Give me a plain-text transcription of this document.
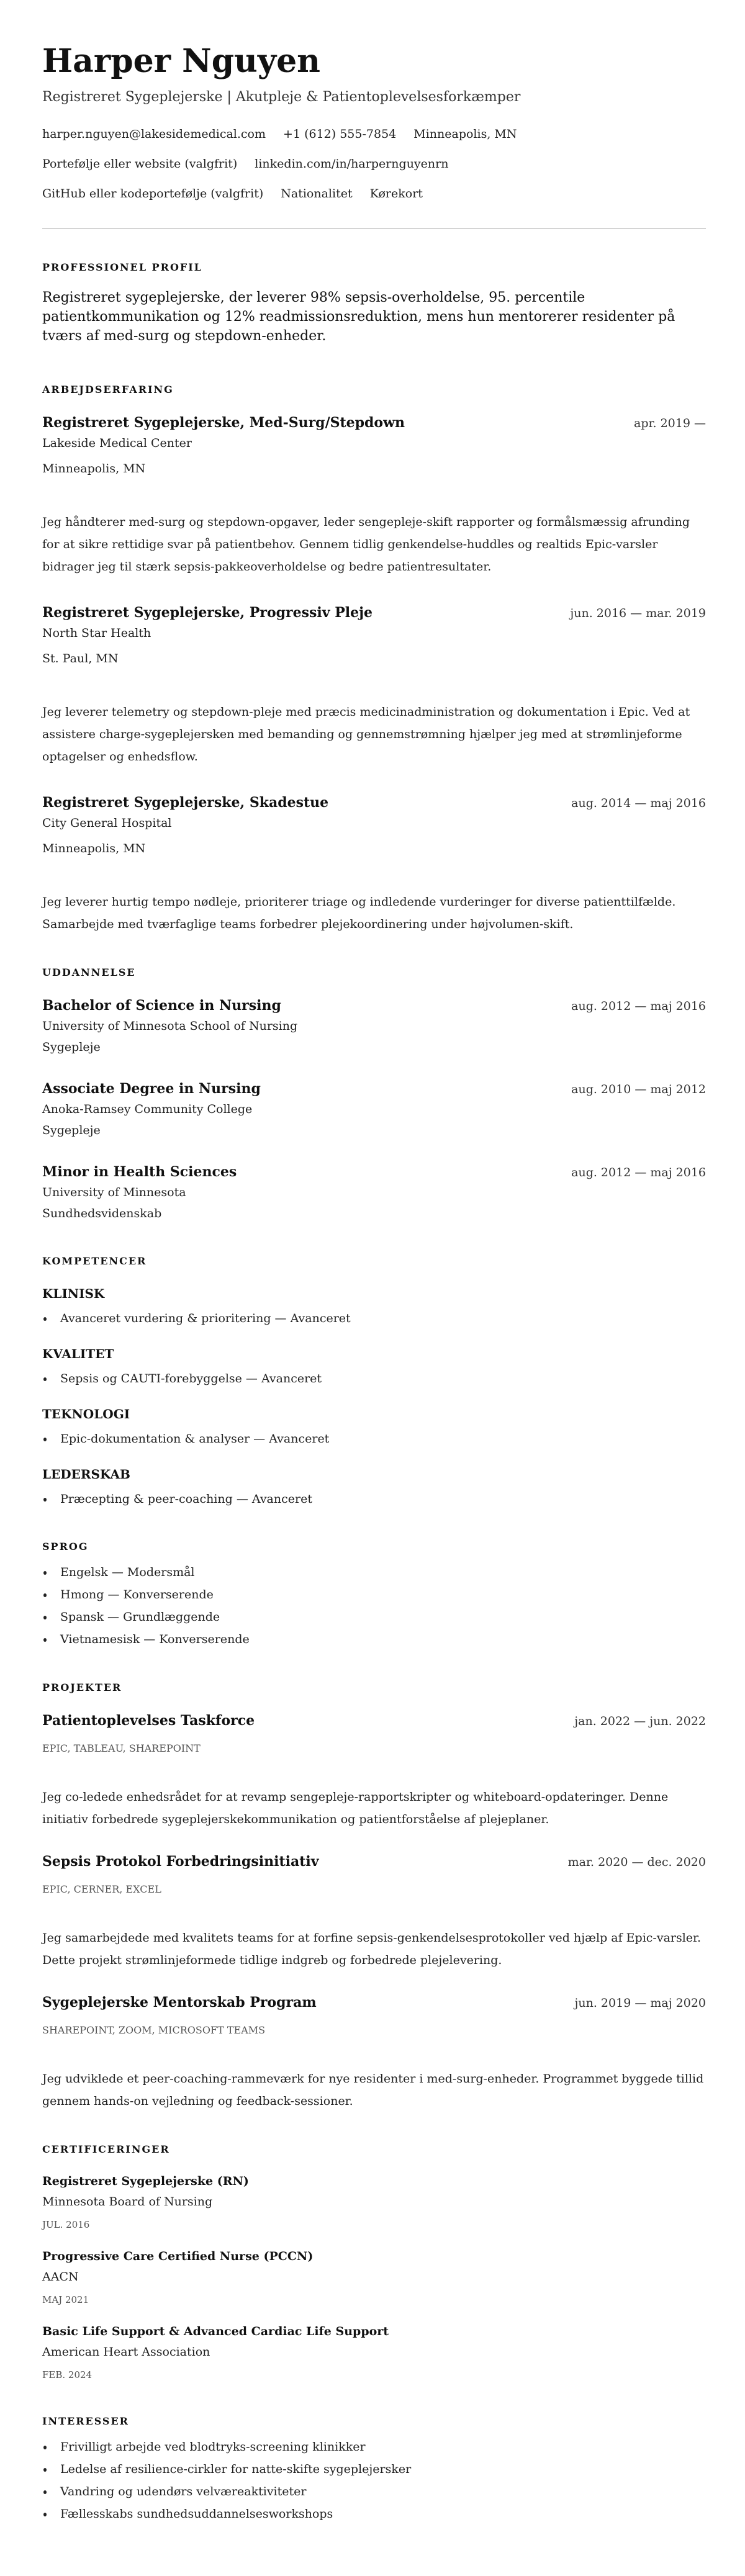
Harper Nguyen
Registreret Sygeplejerske | Akutpleje & Patientoplevelsesforkæmper
harper.nguyen@lakesidemedical.com +1 (612) 555-7854 Minneapolis, MN
Portefølje eller website (valgfrit) linkedin.com/in/harpernguyenrn
GitHub eller kodeportefølje (valgfrit) Nationalitet Kørekort
PROFESSIONEL PROFIL

Registreret sygeplejerske, der leverer 98% sepsis-overholdelse, 95. percentile patientkommunikation og 12% readmissionsreduktion, mens hun mentorerer residenter på tværs af med-surg og stepdown-enheder.

ARBEJDSERFARING
Registreret Sygeplejerske, Med-Surg/Stepdown	apr. 2019 —
Lakeside Medical Center
Minneapolis, MN
Jeg håndterer med-surg og stepdown-opgaver, leder sengepleje-skift rapporter og formålsmæssig afrunding for at sikre rettidige svar på patientbehov. Gennem tidlig genkendelse-huddles og realtids Epic-varsler bidrager jeg til stærk sepsis-pakkeoverholdelse og bedre patientresultater.
Registreret Sygeplejerske, Progressiv Pleje	jun. 2016 — mar. 2019
North Star Health
St. Paul, MN
Jeg leverer telemetry og stepdown-pleje med præcis medicinadministration og dokumentation i Epic. Ved at assistere charge-sygeplejersken med bemanding og gennemstrømning hjælper jeg med at strømlinjeforme optagelser og enhedsflow.
Registreret Sygeplejerske, Skadestue	aug. 2014 — maj 2016
City General Hospital
Minneapolis, MN
Jeg leverer hurtig tempo nødleje, prioriterer triage og indledende vurderinger for diverse patienttilfælde. Samarbejde med tværfaglige teams forbedrer plejekoordinering under højvolumen-skift.
UDDANNELSE
Bachelor of Science in Nursing	aug. 2012 — maj 2016
University of Minnesota School of Nursing
Sygepleje
Associate Degree in Nursing	aug. 2010 — maj 2012
Anoka-Ramsey Community College
Sygepleje
Minor in Health Sciences	aug. 2012 — maj 2016
University of Minnesota
Sundhedsvidenskab
KOMPETENCER
KLINISK
Avanceret vurdering & prioritering — Avanceret
KVALITET
Sepsis og CAUTI-forebyggelse — Avanceret
TEKNOLOGI
Epic-dokumentation & analyser — Avanceret
LEDERSKAB
Præcepting & peer-coaching — Avanceret
SPROG
Engelsk — Modersmål
Hmong — Konverserende
Spansk — Grundlæggende
Vietnamesisk — Konverserende
PROJEKTER
Patientoplevelses Taskforce	jan. 2022 — jun. 2022
EPIC, TABLEAU, SHAREPOINT
Jeg co-ledede enhedsrådet for at revamp sengepleje-rapportskripter og whiteboard-opdateringer. Denne initiativ forbedrede sygeplejerskekommunikation og patientforståelse af plejeplaner.
Sepsis Protokol Forbedringsinitiativ	mar. 2020 — dec. 2020
EPIC, CERNER, EXCEL
Jeg samarbejdede med kvalitets teams for at forfine sepsis-genkendelsesprotokoller ved hjælp af Epic-varsler. Dette projekt strømlinjeformede tidlige indgreb og forbedrede plejelevering.
Sygeplejerske Mentorskab Program	jun. 2019 — maj 2020
SHAREPOINT, ZOOM, MICROSOFT TEAMS
Jeg udviklede et peer-coaching-rammeværk for nye residenter i med-surg-enheder. Programmet byggede tillid gennem hands-on vejledning og feedback-sessioner.
CERTIFICERINGER
Registreret Sygeplejerske (RN)
Minnesota Board of Nursing
JUL. 2016
Progressive Care Certified Nurse (PCCN)
AACN
MAJ 2021
Basic Life Support & Advanced Cardiac Life Support
American Heart Association
FEB. 2024
INTERESSER
Frivilligt arbejde ved blodtryks-screening klinikker
Ledelse af resilience-cirkler for natte-skifte sygeplejersker
Vandring og udendørs velværeaktiviteter
Fællesskabs sundhedsuddannelsesworkshops
